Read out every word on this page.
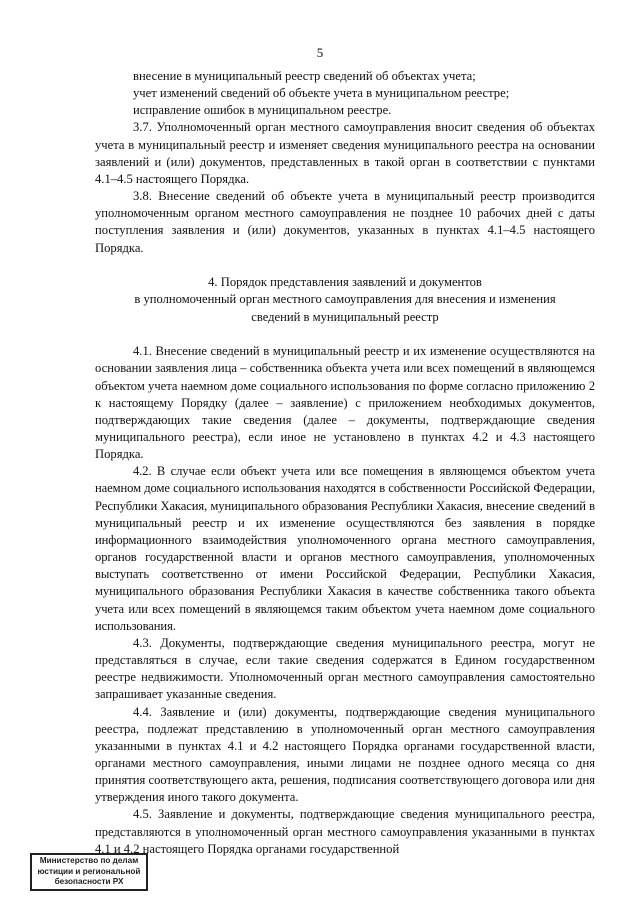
5

внесение в муниципальный реестр сведений об объектах учета;

учет изменений сведений об объекте учета в муниципальном реестре;

исправление ошибок в муниципальном реестре.

3.7. Уполномоченный орган местного самоуправления вносит сведения об объектах учета в муниципальный реестр и изменяет сведения муниципального реестра на основании заявлений и (или) документов, представленных в такой орган в соответствии с пунктами 4.1–4.5 настоящего Порядка.

3.8. Внесение сведений об объекте учета в муниципальный реестр производится уполномоченным органом местного самоуправления не позднее 10 рабочих дней с даты поступления заявления и (или) документов, указанных в пунктах 4.1–4.5 настоящего Порядка.

4. Порядок представления заявлений и документов
в уполномоченный орган местного самоуправления для внесения и изменения
сведений в муниципальный реестр

4.1. Внесение сведений в муниципальный реестр и их изменение осуществляются на основании заявления лица – собственника объекта учета или всех помещений в являющемся объектом учета наемном доме социального использования по форме согласно приложению 2 к настоящему Порядку (далее – заявление) с приложением необходимых документов, подтверждающих такие сведения (далее – документы, подтверждающие сведения муниципального реестра), если иное не установлено в пунктах 4.2 и 4.3 настоящего Порядка.

4.2. В случае если объект учета или все помещения в являющемся объектом учета наемном доме социального использования находятся в собственности Российской Федерации, Республики Хакасия, муниципального образования Республики Хакасия, внесение сведений в муниципальный реестр и их изменение осуществляются без заявления в порядке информационного взаимодействия уполномоченного органа местного самоуправления, органов государственной власти и органов местного самоуправления, уполномоченных выступать соответственно от имени Российской Федерации, Республики Хакасия, муниципального образования Республики Хакасия в качестве собственника такого объекта учета или всех помещений в являющемся таким объектом учета наемном доме социального использования.

4.3. Документы, подтверждающие сведения муниципального реестра, могут не представляться в случае, если такие сведения содержатся в Едином государственном реестре недвижимости. Уполномоченный орган местного самоуправления самостоятельно запрашивает указанные сведения.

4.4. Заявление и (или) документы, подтверждающие сведения муниципального реестра, подлежат представлению в уполномоченный орган местного самоуправления указанными в пунктах 4.1 и 4.2 настоящего Порядка органами государственной власти, органами местного самоуправления, иными лицами не позднее одного месяца со дня принятия соответствующего акта, решения, подписания соответствующего договора или дня утверждения иного такого документа.

4.5. Заявление и документы, подтверждающие сведения муниципального реестра, представляются в уполномоченный орган местного самоуправления указанными в пунктах 4.1 и 4.2 настоящего Порядка органами государственной

Министерство по делам
юстиции и региональной
безопасности РХ
